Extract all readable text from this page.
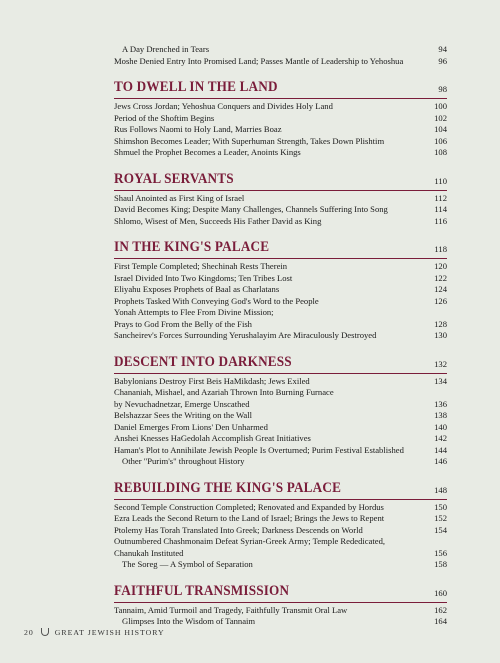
A Day Drenched in Tears	94
Moshe Denied Entry Into Promised Land; Passes Mantle of Leadership to Yehoshua	96
TO DWELL IN THE LAND	98
Jews Cross Jordan; Yehoshua Conquers and Divides Holy Land	100
Period of the Shoftim Begins	102
Rus Follows Naomi to Holy Land, Marries Boaz	104
Shimshon Becomes Leader; With Superhuman Strength, Takes Down Plishtim	106
Shmuel the Prophet Becomes a Leader, Anoints Kings	108
ROYAL SERVANTS	110
Shaul Anointed as First King of Israel	112
David Becomes King; Despite Many Challenges, Channels Suffering Into Song	114
Shlomo, Wisest of Men, Succeeds His Father David as King	116
IN THE KING'S PALACE	118
First Temple Completed; Shechinah Rests Therein	120
Israel Divided Into Two Kingdoms; Ten Tribes Lost	122
Eliyahu Exposes Prophets of Baal as Charlatans	124
Prophets Tasked With Conveying God's Word to the People	126
Yonah Attempts to Flee From Divine Mission;
Prays to God From the Belly of the Fish	128
Sancheirev's Forces Surrounding Yerushalayim Are Miraculously Destroyed	130
DESCENT INTO DARKNESS	132
Babylonians Destroy First Beis HaMikdash; Jews Exiled	134
Chananiah, Mishael, and Azariah Thrown Into Burning Furnace
by Nevuchadnetzar, Emerge Unscathed	136
Belshazzar Sees the Writing on the Wall	138
Daniel Emerges From Lions' Den Unharmed	140
Anshei Knesses HaGedolah Accomplish Great Initiatives	142
Haman's Plot to Annihilate Jewish People Is Overturned; Purim Festival Established	144
Other "Purim's" throughout History	146
REBUILDING THE KING'S PALACE	148
Second Temple Construction Completed; Renovated and Expanded by Hordus	150
Ezra Leads the Second Return to the Land of Israel; Brings the Jews to Repent	152
Ptolemy Has Torah Translated Into Greek; Darkness Descends on World	154
Outnumbered Chashmonaim Defeat Syrian-Greek Army; Temple Rededicated,
Chanukah Instituted	156
The Soreg — A Symbol of Separation	158
FAITHFUL TRANSMISSION	160
Tannaim, Amid Turmoil and Tragedy, Faithfully Transmit Oral Law	162
Glimpses Into the Wisdom of Tannaim	164
20	GREAT JEWISH HISTORY
